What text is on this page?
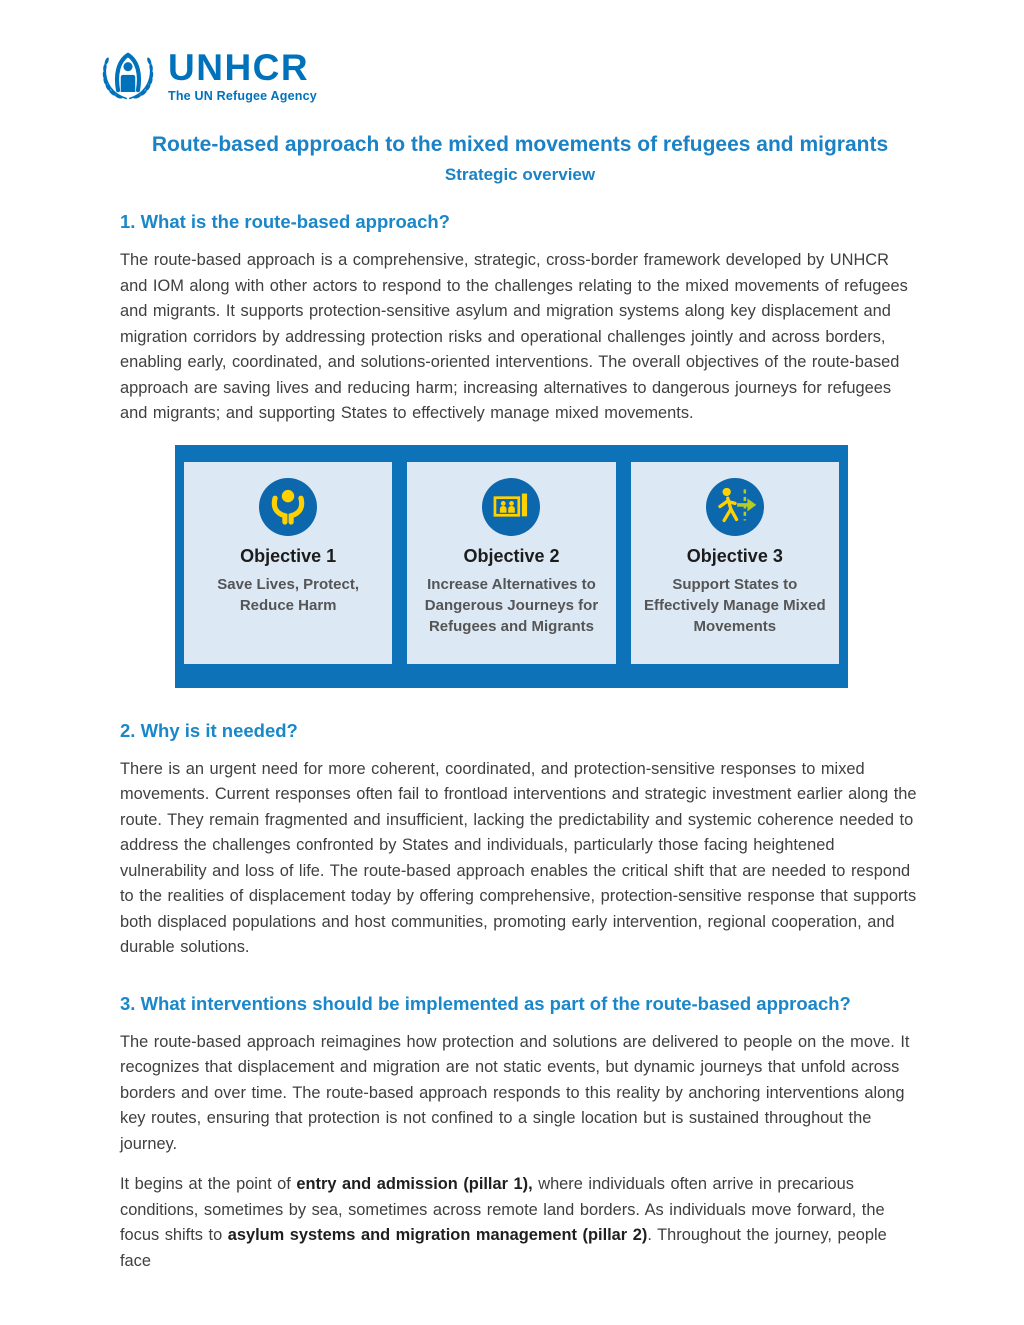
UNHCR
The UN Refugee Agency
Route-based approach to the mixed movements of refugees and migrants
Strategic overview
1. What is the route-based approach?

The route-based approach is a comprehensive, strategic, cross-border framework developed by UNHCR and IOM along with other actors to respond to the challenges relating to the mixed movements of refugees and migrants. It supports protection-sensitive asylum and migration systems along key displacement and migration corridors by addressing protection risks and operational challenges jointly and across borders, enabling early, coordinated, and solutions-oriented interventions. The overall objectives of the route-based approach are saving lives and reducing harm; increasing alternatives to dangerous journeys for refugees and migrants; and supporting States to effectively manage mixed movements.

Objective 1
Save Lives, Protect, Reduce Harm
Objective 2
Increase Alternatives to Dangerous Journeys for Refugees and Migrants
Objective 3
Support States to Effectively Manage Mixed Movements
2. Why is it needed?

There is an urgent need for more coherent, coordinated, and protection-sensitive responses to mixed movements. Current responses often fail to frontload interventions and strategic investment earlier along the route. They remain fragmented and insufficient, lacking the predictability and systemic coherence needed to address the challenges confronted by States and individuals, particularly those facing heightened vulnerability and loss of life. The route-based approach enables the critical shift that are needed to respond to the realities of displacement today by offering comprehensive, protection-sensitive response that supports both displaced populations and host communities, promoting early intervention, regional cooperation, and durable solutions.

3. What interventions should be implemented as part of the route-based approach?

The route-based approach reimagines how protection and solutions are delivered to people on the move. It recognizes that displacement and migration are not static events, but dynamic journeys that unfold across borders and over time. The route-based approach responds to this reality by anchoring interventions along key routes, ensuring that protection is not confined to a single location but is sustained throughout the journey.

It begins at the point of entry and admission (pillar 1), where individuals often arrive in precarious conditions, sometimes by sea, sometimes across remote land borders. As individuals move forward, the focus shifts to asylum systems and migration management (pillar 2). Throughout the journey, people face
